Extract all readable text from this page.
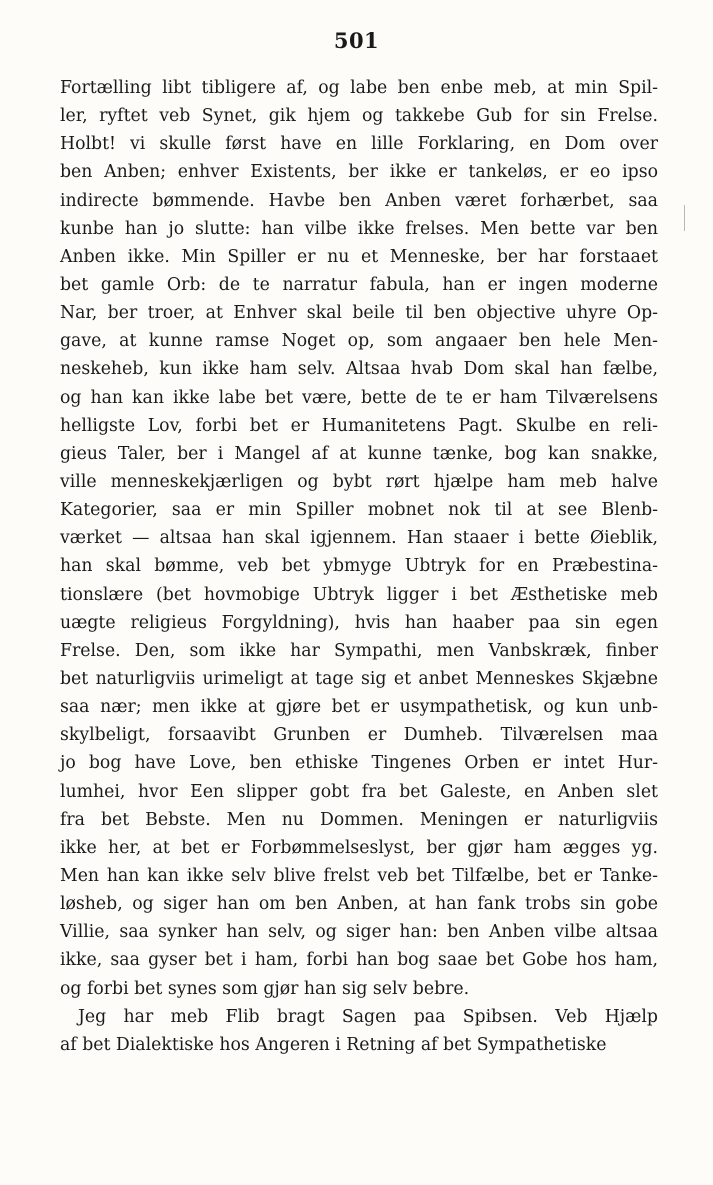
501
Fortælling libt tibligere af, og labe ben enbe meb, at min Spil-
ler, ryftet veb Synet, gik hjem og takkebe Gub for sin Frelse.
Holbt! vi skulle først have en lille Forklaring, en Dom over
ben Anben; enhver Existents, ber ikke er tankeløs, er eo ipso
indirecte bømmende. Havbe ben Anben været forhærbet, saa
kunbe han jo slutte: han vilbe ikke frelses. Men bette var ben
Anben ikke. Min Spiller er nu et Menneske, ber har forstaaet
bet gamle Orb: de te narratur fabula, han er ingen moderne
Nar, ber troer, at Enhver skal beile til ben objective uhyre Op-
gave, at kunne ramse Noget op, som angaaer ben hele Men-
neskeheb, kun ikke ham selv. Altsaa hvab Dom skal han fælbe,
og han kan ikke labe bet være, bette de te er ham Tilværelsens
helligste Lov, forbi bet er Humanitetens Pagt. Skulbe en reli-
gieus Taler, ber i Mangel af at kunne tænke, bog kan snakke,
ville menneskekjærligen og bybt rørt hjælpe ham meb halve
Kategorier, saa er min Spiller mobnet nok til at see Blenb-
værket — altsaa han skal igjennem. Han staaer i bette Øieblik,
han skal bømme, veb bet ybmyge Ubtryk for en Præbestina-
tionslære (bet hovmobige Ubtryk ligger i bet Æsthetiske meb
uægte religieus Forgyldning), hvis han haaber paa sin egen
Frelse. Den, som ikke har Sympathi, men Vanbskræk, finber
bet naturligviis urimeligt at tage sig et anbet Menneskes Skjæbne
saa nær; men ikke at gjøre bet er usympathetisk, og kun unb-
skylbeligt, forsaavibt Grunben er Dumheb. Tilværelsen maa
jo bog have Love, ben ethiske Tingenes Orben er intet Hur-
lumhei, hvor Een slipper gobt fra bet Galeste, en Anben slet
fra bet Bebste. Men nu Dommen. Meningen er naturligviis
ikke her, at bet er Forbømmelseslyst, ber gjør ham ægges yg.
Men han kan ikke selv blive frelst veb bet Tilfælbe, bet er Tanke-
løsheb, og siger han om ben Anben, at han fank trobs sin gobe
Villie, saa synker han selv, og siger han: ben Anben vilbe altsaa
ikke, saa gyser bet i ham, forbi han bog saae bet Gobe hos ham,
og forbi bet synes som gjør han sig selv bebre.
Jeg har meb Flib bragt Sagen paa Spibsen. Veb Hjælp
af bet Dialektiske hos Angeren i Retning af bet Sympathetiske
